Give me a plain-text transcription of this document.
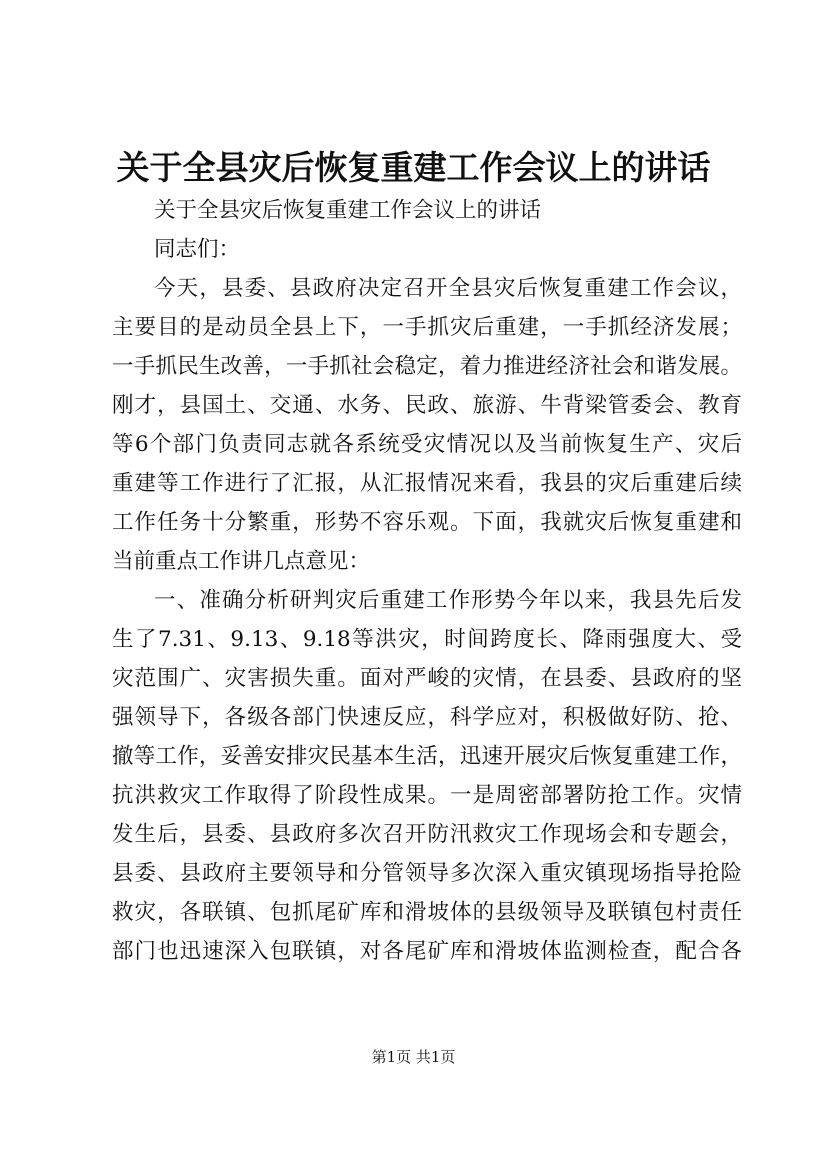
关于全县灾后恢复重建工作会议上的讲话
关于全县灾后恢复重建工作会议上的讲话
同志们：
今天，县委、县政府决定召开全县灾后恢复重建工作会议，
主要目的是动员全县上下，一手抓灾后重建，一手抓经济发展；
一手抓民生改善，一手抓社会稳定，着力推进经济社会和谐发展。
刚才，县国土、交通、水务、民政、旅游、牛背梁管委会、教育
等6个部门负责同志就各系统受灾情况以及当前恢复生产、灾后
重建等工作进行了汇报，从汇报情况来看，我县的灾后重建后续
工作任务十分繁重，形势不容乐观。下面，我就灾后恢复重建和
当前重点工作讲几点意见：
一、准确分析研判灾后重建工作形势今年以来，我县先后发
生了7.31、9.13、9.18等洪灾，时间跨度长、降雨强度大、受
灾范围广、灾害损失重。面对严峻的灾情，在县委、县政府的坚
强领导下，各级各部门快速反应，科学应对，积极做好防、抢、
撤等工作，妥善安排灾民基本生活，迅速开展灾后恢复重建工作，
抗洪救灾工作取得了阶段性成果。一是周密部署防抢工作。灾情
发生后，县委、县政府多次召开防汛救灾工作现场会和专题会，
县委、县政府主要领导和分管领导多次深入重灾镇现场指导抢险
救灾，各联镇、包抓尾矿库和滑坡体的县级领导及联镇包村责任
部门也迅速深入包联镇，对各尾矿库和滑坡体监测检查，配合各
第1页 共1页
